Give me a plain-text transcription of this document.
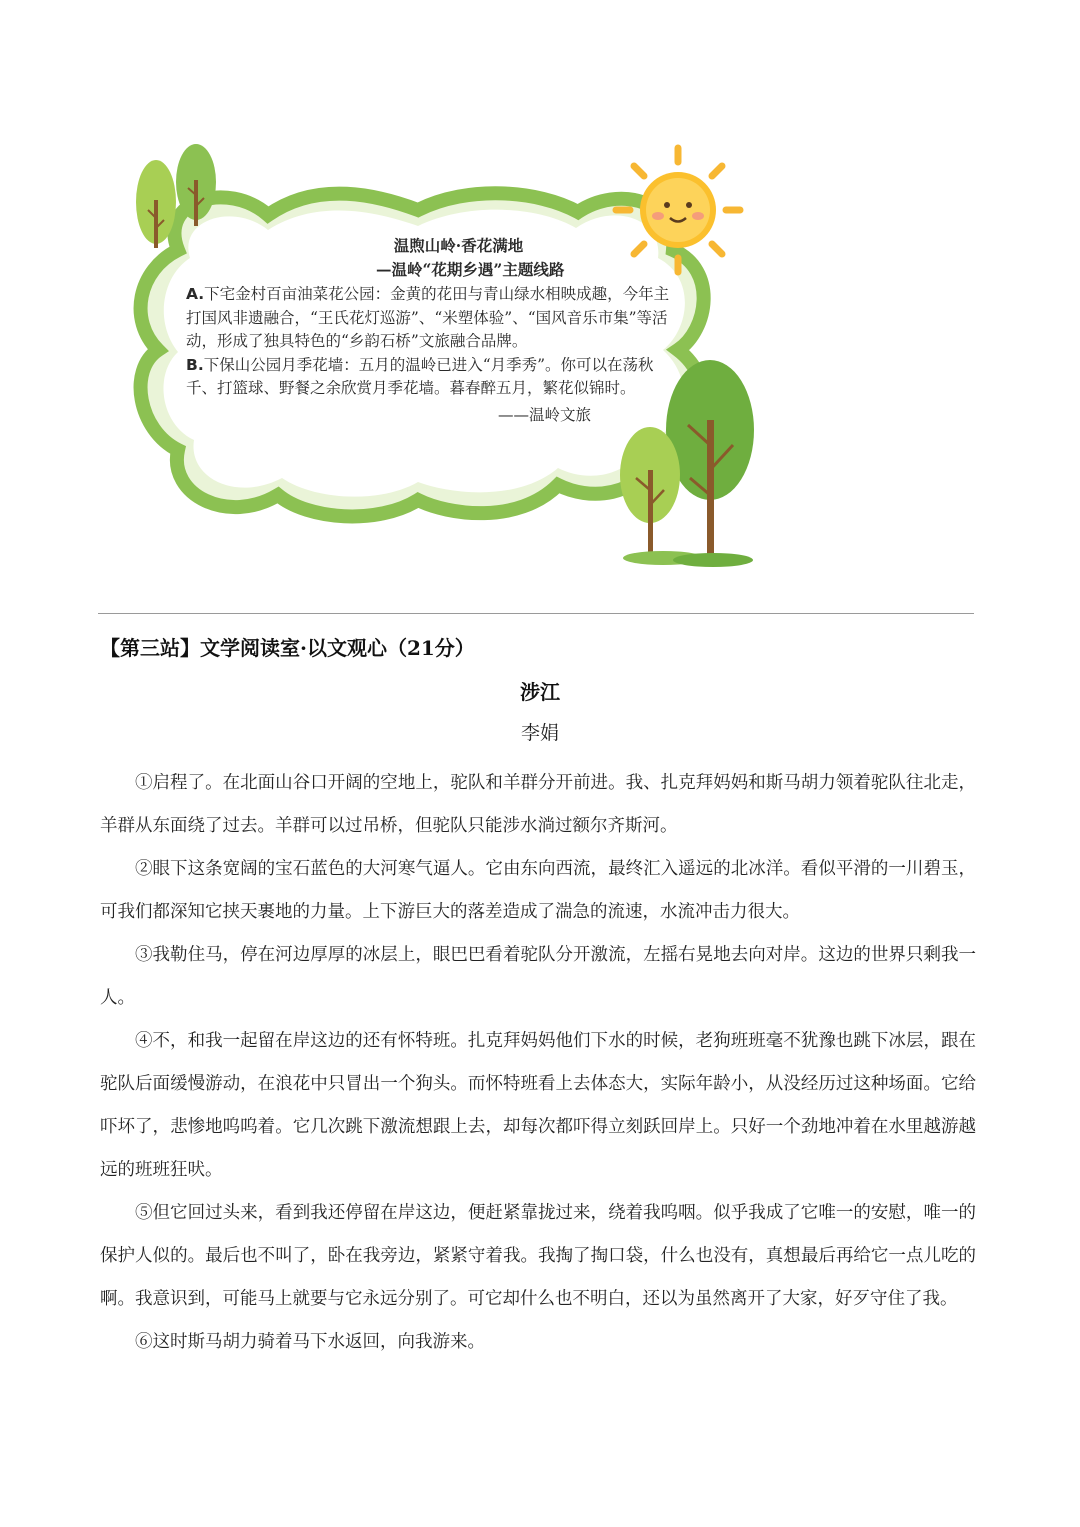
温煦山岭·香花满地
—温岭“花期乡遇”主题线路

A.下宅金村百亩油菜花公园：金黄的花田与青山绿水相映成趣，今年主打国风非遗融合，“王氏花灯巡游”、“米塑体验”、“国风音乐市集”等活动，形成了独具特色的“乡韵石桥”文旅融合品牌。

B.下保山公园月季花墙：五月的温岭已进入“月季秀”。你可以在荡秋千、打篮球、野餐之余欣赏月季花墙。暮春醉五月，繁花似锦时。

——温岭文旅
【第三站】文学阅读室·以文观心（21分）
涉江
李娟

①启程了。在北面山谷口开阔的空地上，驼队和羊群分开前进。我、扎克拜妈妈和斯马胡力领着驼队往北走，羊群从东面绕了过去。羊群可以过吊桥，但驼队只能涉水淌过额尔齐斯河。

②眼下这条宽阔的宝石蓝色的大河寒气逼人。它由东向西流，最终汇入遥远的北冰洋。看似平滑的一川碧玉，可我们都深知它挟天裹地的力量。上下游巨大的落差造成了湍急的流速，水流冲击力很大。

③我勒住马，停在河边厚厚的冰层上，眼巴巴看着驼队分开激流，左摇右晃地去向对岸。这边的世界只剩我一人。

④不，和我一起留在岸这边的还有怀特班。扎克拜妈妈他们下水的时候，老狗班班毫不犹豫也跳下冰层，跟在驼队后面缓慢游动，在浪花中只冒出一个狗头。而怀特班看上去体态大，实际年龄小，从没经历过这种场面。它给吓坏了，悲惨地呜呜着。它几次跳下激流想跟上去，却每次都吓得立刻跃回岸上。只好一个劲地冲着在水里越游越远的班班狂吠。

⑤但它回过头来，看到我还停留在岸这边，便赶紧靠拢过来，绕着我呜咽。似乎我成了它唯一的安慰，唯一的保护人似的。最后也不叫了，卧在我旁边，紧紧守着我。我掏了掏口袋，什么也没有，真想最后再给它一点儿吃的啊。我意识到，可能马上就要与它永远分别了。可它却什么也不明白，还以为虽然离开了大家，好歹守住了我。

⑥这时斯马胡力骑着马下水返回，向我游来。
